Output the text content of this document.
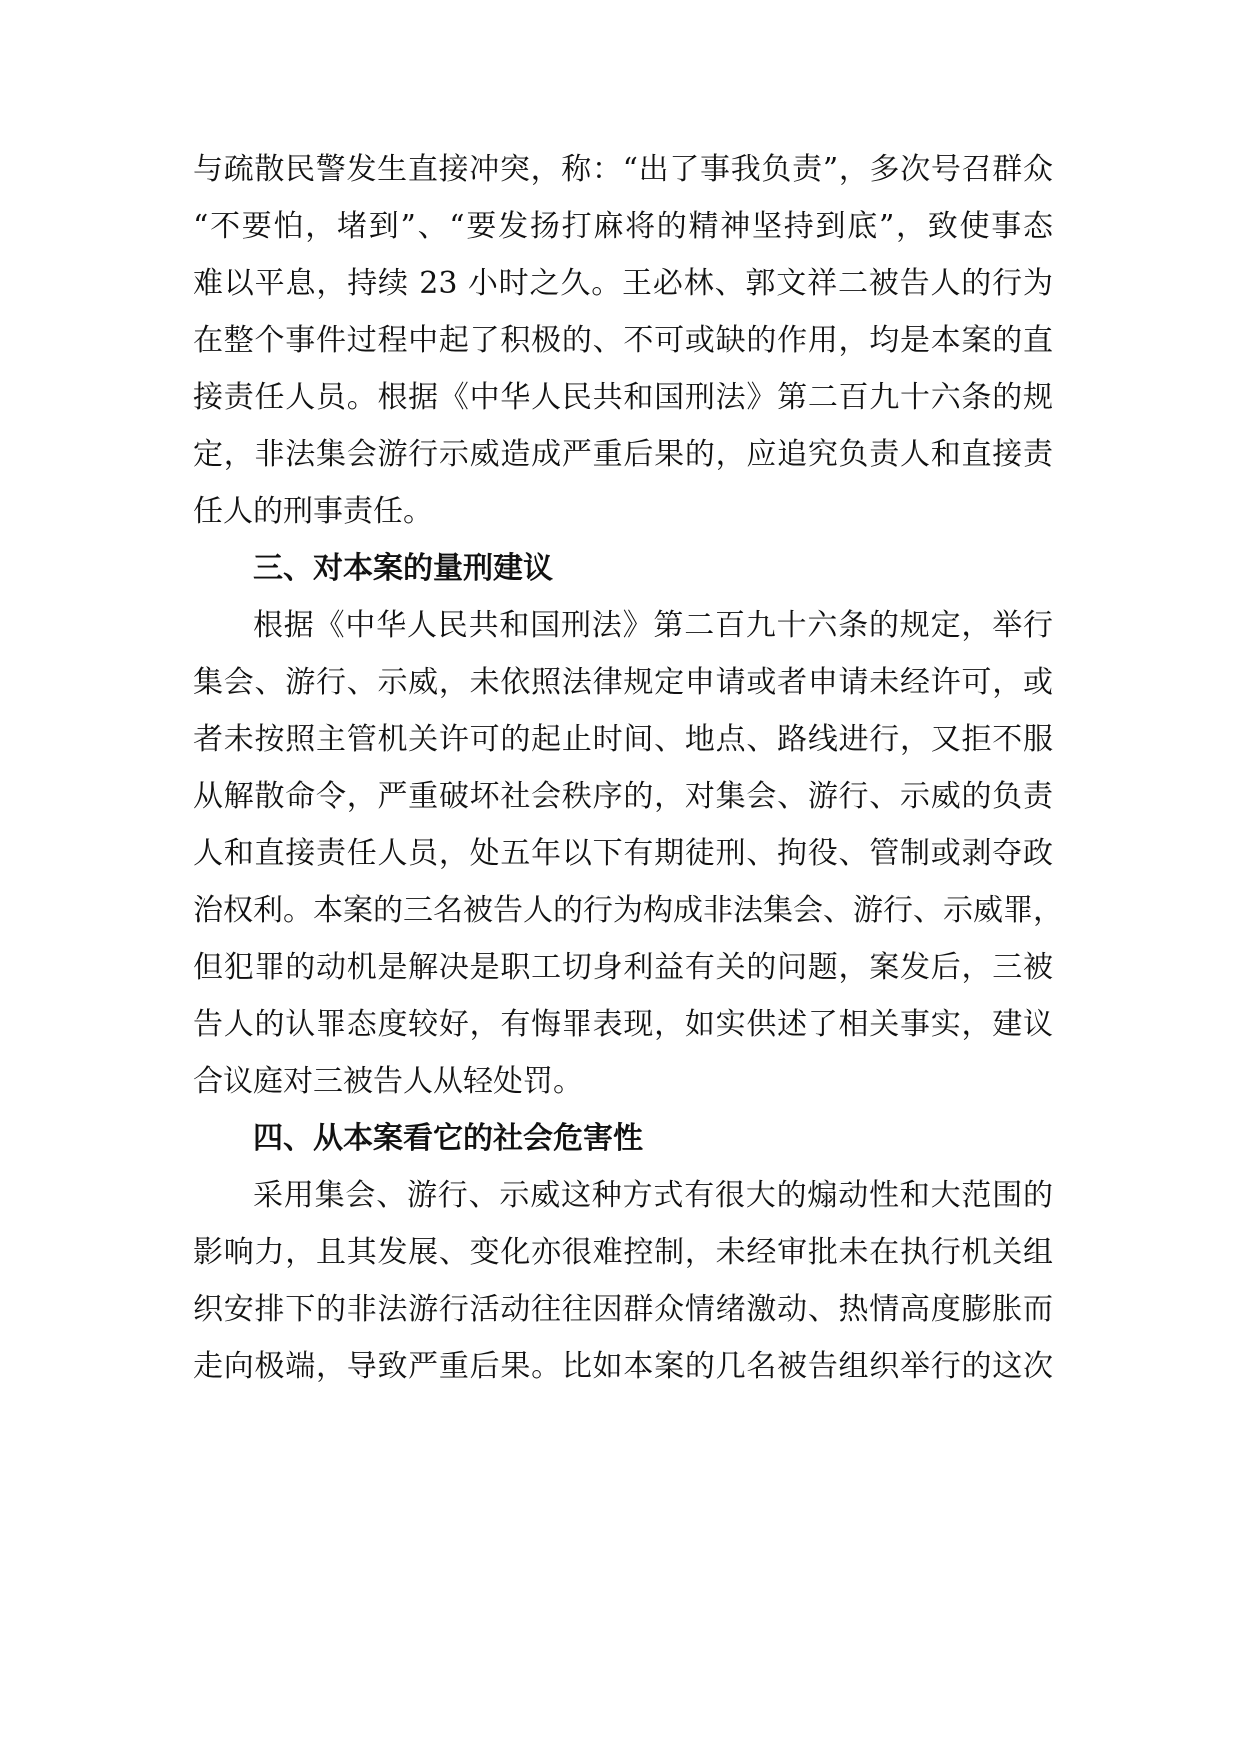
与疏散民警发生直接冲突，称：“出了事我负责”，多次号召群众
“不要怕，堵到”、“要发扬打麻将的精神坚持到底”，致使事态
难以平息，持续 23 小时之久。王必林、郭文祥二被告人的行为
在整个事件过程中起了积极的、不可或缺的作用，均是本案的直
接责任人员。根据《中华人民共和国刑法》第二百九十六条的规
定，非法集会游行示威造成严重后果的，应追究负责人和直接责
任人的刑事责任。
三、对本案的量刑建议
根据《中华人民共和国刑法》第二百九十六条的规定，举行
集会、游行、示威，未依照法律规定申请或者申请未经许可，或
者未按照主管机关许可的起止时间、地点、路线进行，又拒不服
从解散命令，严重破坏社会秩序的，对集会、游行、示威的负责
人和直接责任人员，处五年以下有期徒刑、拘役、管制或剥夺政
治权利。本案的三名被告人的行为构成非法集会、游行、示威罪，
但犯罪的动机是解决是职工切身利益有关的问题，案发后，三被
告人的认罪态度较好，有悔罪表现，如实供述了相关事实，建议
合议庭对三被告人从轻处罚。
四、从本案看它的社会危害性
采用集会、游行、示威这种方式有很大的煽动性和大范围的
影响力，且其发展、变化亦很难控制，未经审批未在执行机关组
织安排下的非法游行活动往往因群众情绪激动、热情高度膨胀而
走向极端，导致严重后果。比如本案的几名被告组织举行的这次
